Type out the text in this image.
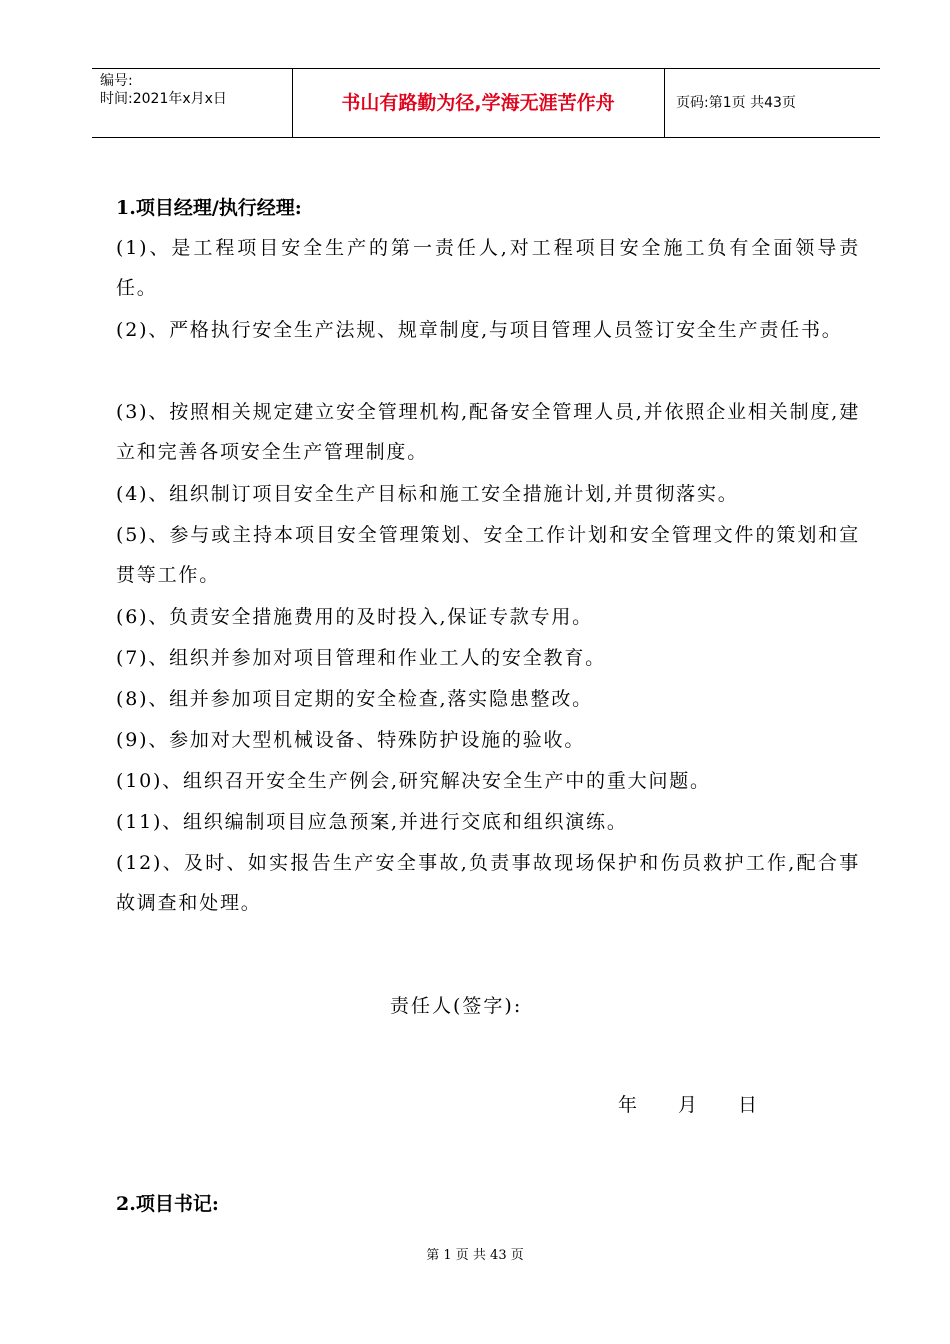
编号:
时间:2021年x月x日	书山有路勤为径,学海无涯苦作舟	页码:第1页 共43页
1.项目经理/执行经理:

(1)、是工程项目安全生产的第一责任人,对工程项目安全施工负有全面领导责任。

(2)、严格执行安全生产法规、规章制度,与项目管理人员签订安全生产责任书。

(3)、按照相关规定建立安全管理机构,配备安全管理人员,并依照企业相关制度,建立和完善各项安全生产管理制度。

(4)、组织制订项目安全生产目标和施工安全措施计划,并贯彻落实。

(5)、参与或主持本项目安全管理策划、安全工作计划和安全管理文件的策划和宣贯等工作。

(6)、负责安全措施费用的及时投入,保证专款专用。

(7)、组织并参加对项目管理和作业工人的安全教育。

(8)、组并参加项目定期的安全检查,落实隐患整改。

(9)、参加对大型机械设备、特殊防护设施的验收。

(10)、组织召开安全生产例会,研究解决安全生产中的重大问题。

(11)、组织编制项目应急预案,并进行交底和组织演练。

(12)、及时、如实报告生产安全事故,负责事故现场保护和伤员救护工作,配合事故调查和处理。

责任人(签字):
年 月 日
2.项目书记:
第 1 页 共 43 页
